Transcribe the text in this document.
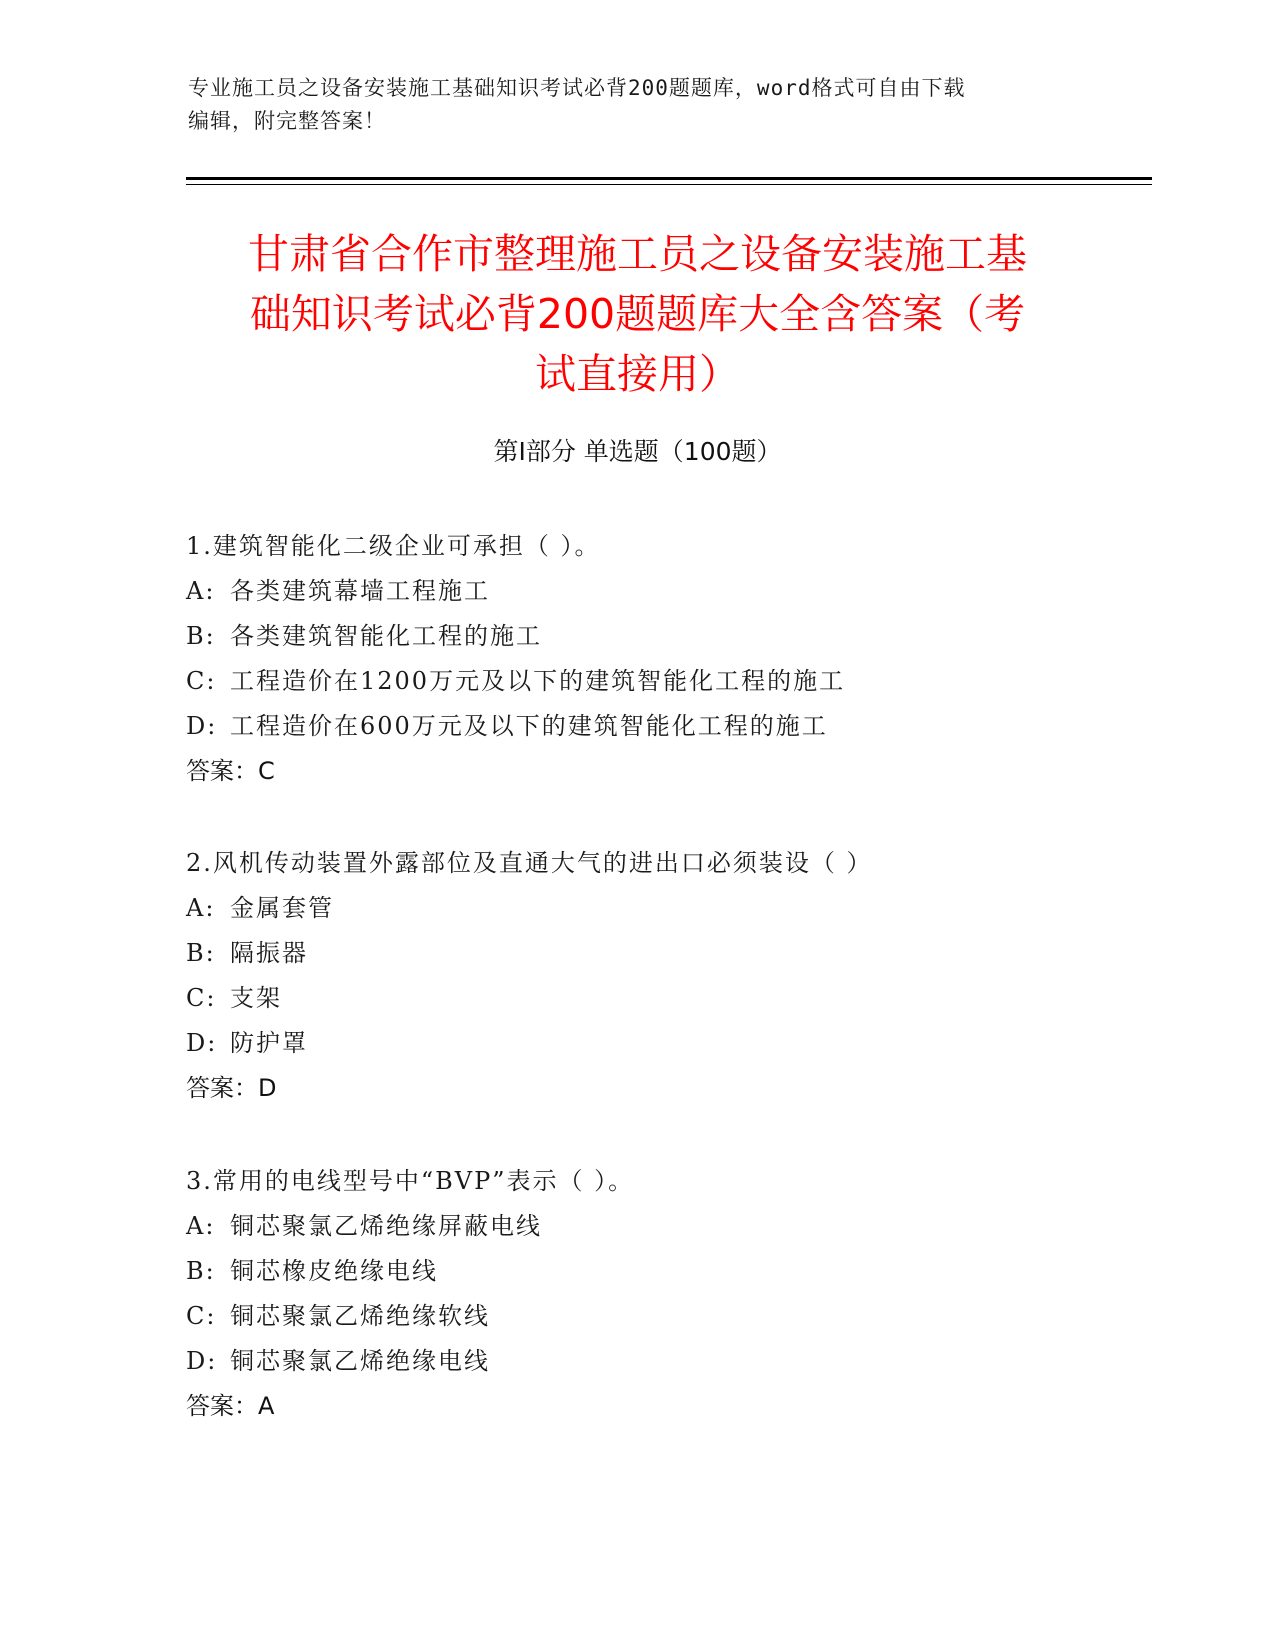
专业施工员之设备安装施工基础知识考试必背200题题库，word格式可自由下载
编辑，附完整答案！
甘肃省合作市整理施工员之设备安装施工基
础知识考试必背200题题库大全含答案（考
试直接用）
第Ⅰ部分 单选题（100题）
1.建筑智能化二级企业可承担（ ）。
A: 各类建筑幕墙工程施工
B: 各类建筑智能化工程的施工
C: 工程造价在1200万元及以下的建筑智能化工程的施工
D: 工程造价在600万元及以下的建筑智能化工程的施工
答案：C
2.风机传动装置外露部位及直通大气的进出口必须装设（ ）
A: 金属套管
B: 隔振器
C: 支架
D: 防护罩
答案：D
3.常用的电线型号中“BVP”表示（ ）。
A: 铜芯聚氯乙烯绝缘屏蔽电线
B: 铜芯橡皮绝缘电线
C: 铜芯聚氯乙烯绝缘软线
D: 铜芯聚氯乙烯绝缘电线
答案：A
